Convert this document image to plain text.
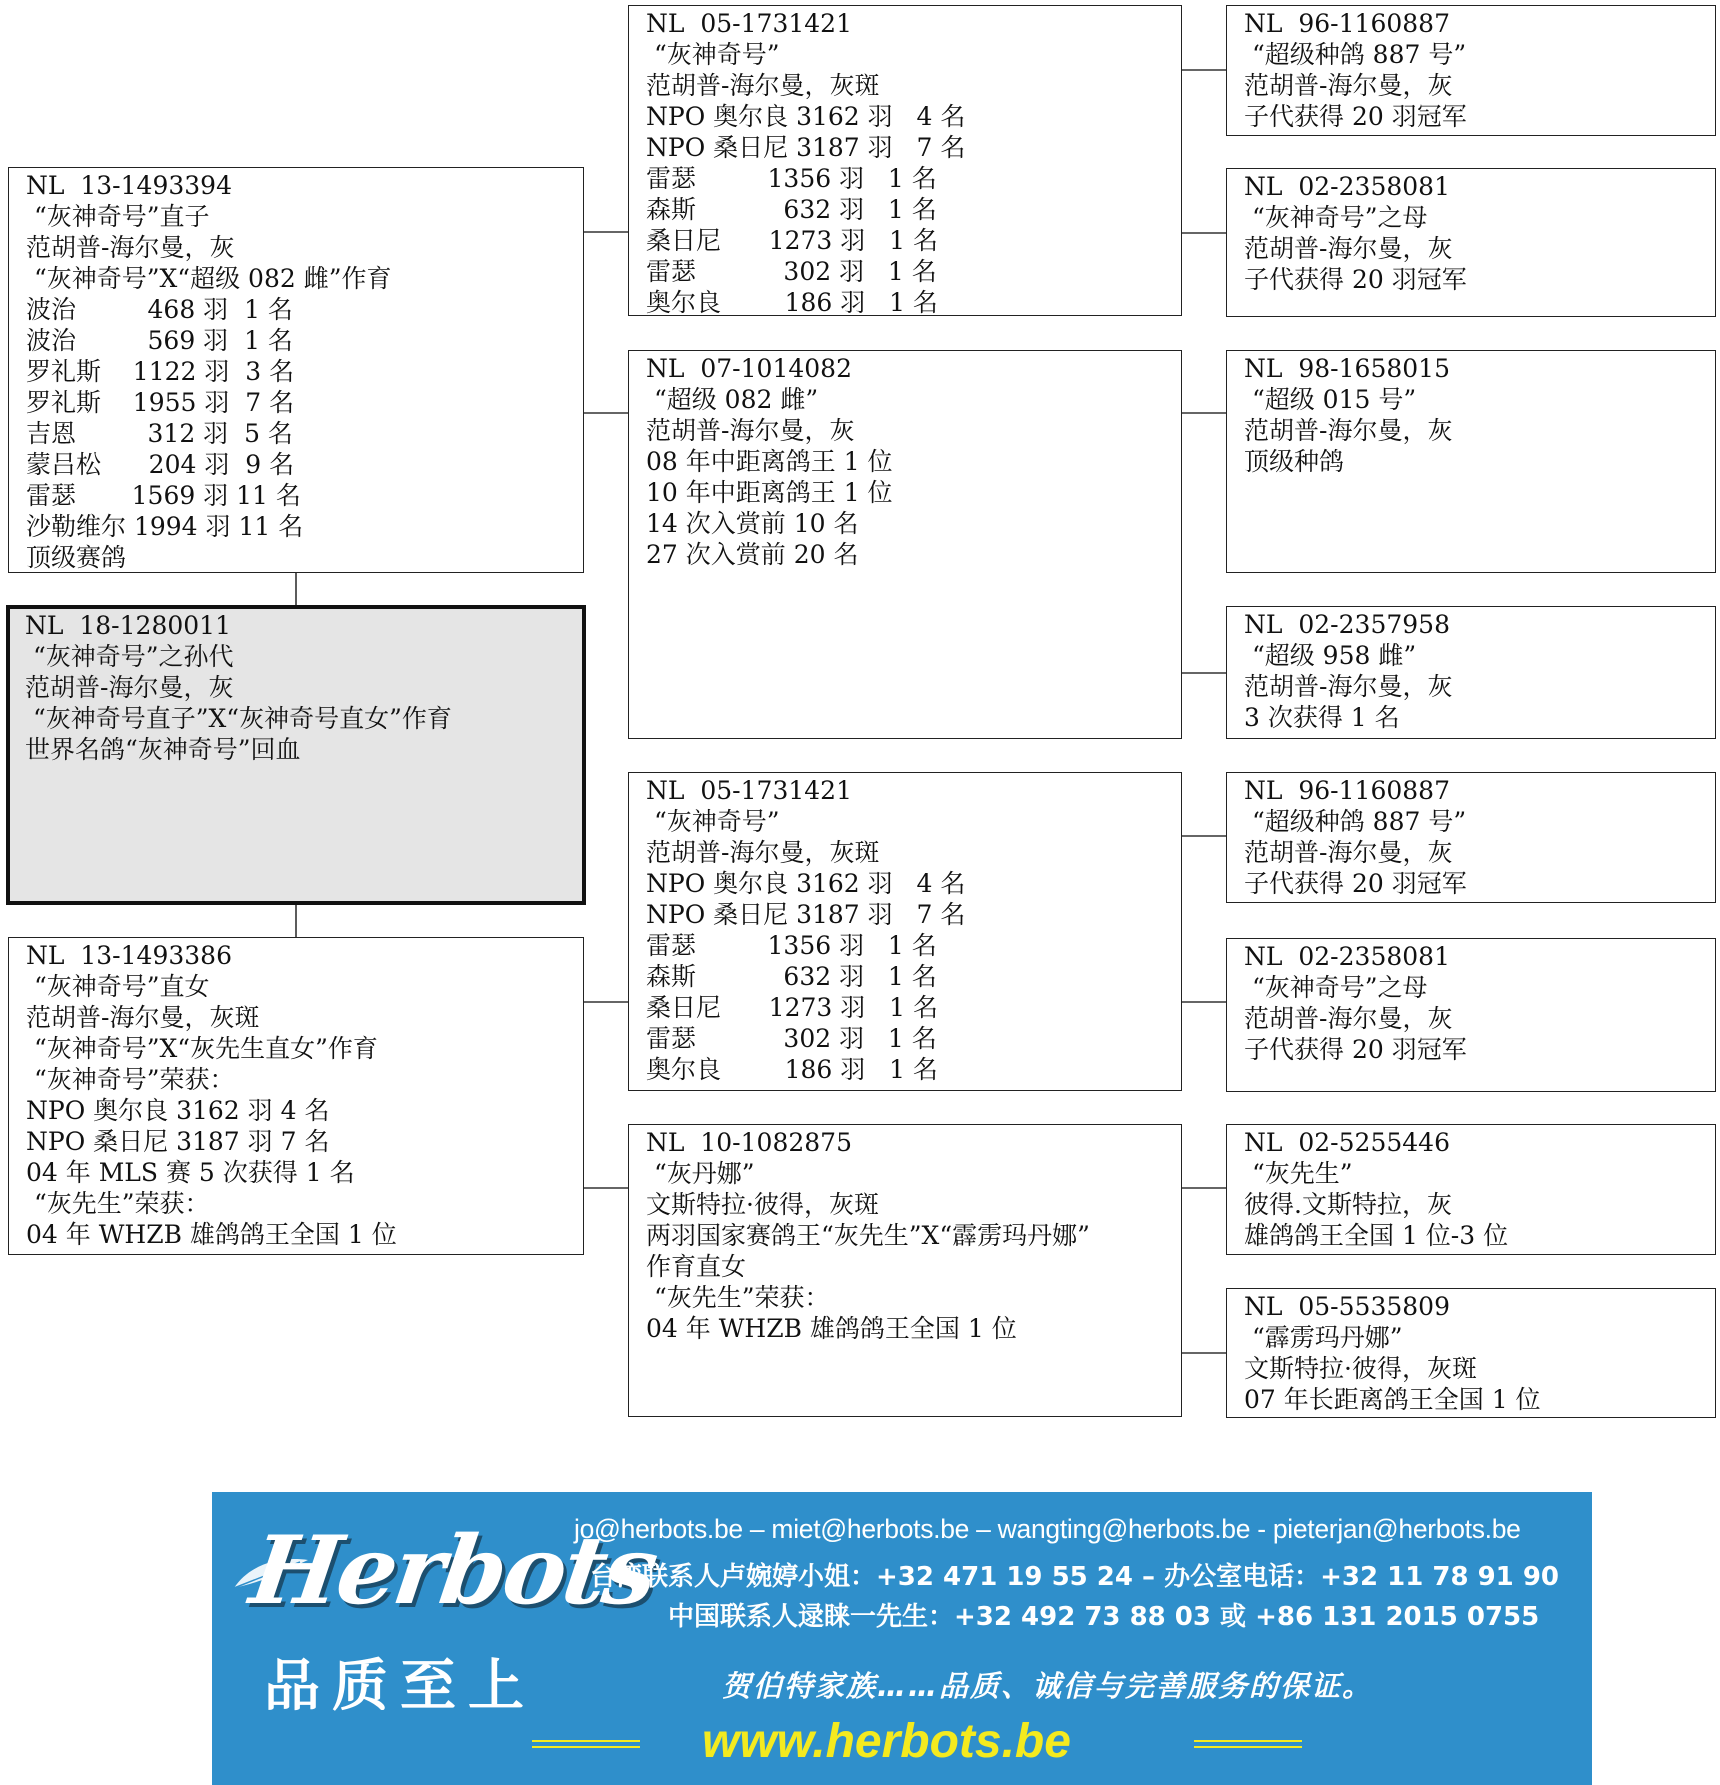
NL  13-1493394
“灰神奇号”直子
范胡普-海尔曼，灰
“灰神奇号”X“超级 082 雌”作育
波治         468 羽  1 名
波治         569 羽  1 名
罗礼斯    1122 羽  3 名
罗礼斯    1955 羽  7 名
吉恩         312 羽  5 名
蒙吕松      204 羽  9 名
雷瑟       1569 羽 11 名
沙勒维尔 1994 羽 11 名
顶级赛鸽
NL  18-1280011
“灰神奇号”之孙代
范胡普-海尔曼，灰
“灰神奇号直子”X“灰神奇号直女”作育
世界名鸽“灰神奇号”回血
NL  13-1493386
“灰神奇号”直女
范胡普-海尔曼，灰斑
“灰神奇号”X“灰先生直女”作育
“灰神奇号”荣获：
NPO 奥尔良 3162 羽 4 名
NPO 桑日尼 3187 羽 7 名
04 年 MLS 赛 5 次获得 1 名
“灰先生”荣获：
04 年 WHZB 雄鸽鸽王全国 1 位
NL  05-1731421
“灰神奇号”
范胡普-海尔曼，灰斑
NPO 奥尔良 3162 羽   4 名
NPO 桑日尼 3187 羽   7 名
雷瑟         1356 羽   1 名
森斯           632 羽   1 名
桑日尼      1273 羽   1 名
雷瑟           302 羽   1 名
奥尔良        186 羽   1 名
NL  07-1014082
“超级 082 雌”
范胡普-海尔曼，灰
08 年中距离鸽王 1 位
10 年中距离鸽王 1 位
14 次入赏前 10 名
27 次入赏前 20 名
NL  05-1731421
“灰神奇号”
范胡普-海尔曼，灰斑
NPO 奥尔良 3162 羽   4 名
NPO 桑日尼 3187 羽   7 名
雷瑟         1356 羽   1 名
森斯           632 羽   1 名
桑日尼      1273 羽   1 名
雷瑟           302 羽   1 名
奥尔良        186 羽   1 名
NL  10-1082875
“灰丹娜”
文斯特拉·彼得，灰斑
两羽国家赛鸽王“灰先生”X“霹雳玛丹娜”
作育直女
“灰先生”荣获：
04 年 WHZB 雄鸽鸽王全国 1 位
NL  96-1160887
“超级种鸽 887 号”
范胡普-海尔曼，灰
子代获得 20 羽冠军
NL  02-2358081
“灰神奇号”之母
范胡普-海尔曼，灰
子代获得 20 羽冠军
NL  98-1658015
“超级 015 号”
范胡普-海尔曼，灰
顶级种鸽
NL  02-2357958
“超级 958 雌”
范胡普-海尔曼，灰
3 次获得 1 名
NL  96-1160887
“超级种鸽 887 号”
范胡普-海尔曼，灰
子代获得 20 羽冠军
NL  02-2358081
“灰神奇号”之母
范胡普-海尔曼，灰
子代获得 20 羽冠军
NL  02-5255446
“灰先生”
彼得.文斯特拉，灰
雄鸽鸽王全国 1 位-3 位
NL  05-5535809
“霹雳玛丹娜”
文斯特拉·彼得，灰斑
07 年长距离鸽王全国 1 位
Herbots
品质至上
jo@herbots.be – miet@herbots.be – wangting@herbots.be - pieterjan@herbots.be
台湾联系人卢婉婷小姐：+32 471 19 55 24 – 办公室电话：+32 11 78 91 90
中国联系人逯睐一先生：+32 492 73 88 03 或 +86 131 2015 0755
贺伯特家族……品质、诚信与完善服务的保证。
www.herbots.be
